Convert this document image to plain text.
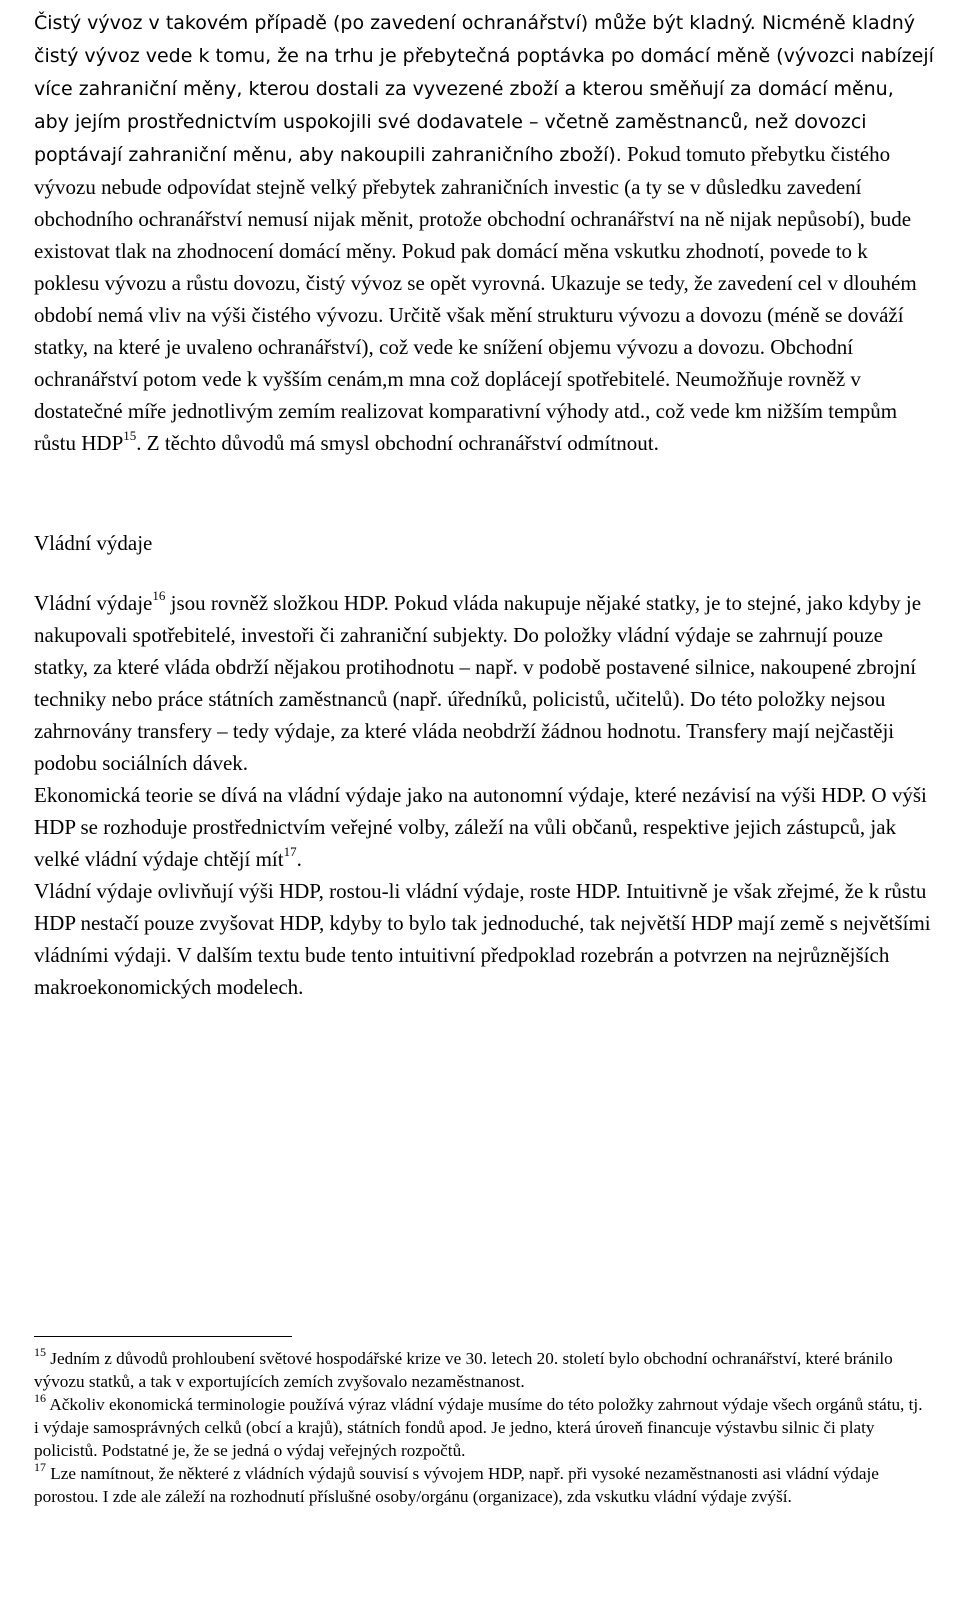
Čistý vývoz v takovém případě (po zavedení ochranářství) může být kladný. Nicméně kladný čistý vývoz vede k tomu, že na trhu je přebytečná poptávka po domácí měně (vývozci nabízejí více zahraniční měny, kterou dostali za vyvezené zboží a kterou směňují za domácí měnu, aby jejím prostřednictvím uspokojili své dodavatele – včetně zaměstnanců, než dovozci poptávají zahraniční měnu, aby nakoupili zahraničního zboží). Pokud tomuto přebytku čistého vývozu nebude odpovídat stejně velký přebytek zahraničních investic (a ty se v důsledku zavedení obchodního ochranářství nemusí nijak měnit, protože obchodní ochranářství na ně nijak nepůsobí), bude existovat tlak na zhodnocení domácí měny. Pokud pak domácí měna vskutku zhodnotí, povede to k poklesu vývozu a růstu dovozu, čistý vývoz se opět vyrovná. Ukazuje se tedy, že zavedení cel v dlouhém období nemá vliv na výši čistého vývozu. Určitě však mění strukturu vývozu a dovozu (méně se dováží statky, na které je uvaleno ochranářství), což vede ke snížení objemu vývozu a dovozu. Obchodní ochranářství potom vede k vyšším cenám,m mna což doplácejí spotřebitelé. Neumožňuje rovněž v dostatečné míře jednotlivým zemím realizovat komparativní výhody atd., což vede km nižším tempům růstu HDP$^{15}$. Z těchto důvodů má smysl obchodní ochranářství odmítnout.

Vládní výdaje

Vládní výdaje$^{16}$ jsou rovněž složkou HDP. Pokud vláda nakupuje nějaké statky, je to stejné, jako kdyby je nakupovali spotřebitelé, investoři či zahraniční subjekty. Do položky vládní výdaje se zahrnují pouze statky, za které vláda obdrží nějakou protihodnotu – např. v podobě postavené silnice, nakoupené zbrojní techniky nebo práce státních zaměstnanců (např. úředníků, policistů, učitelů). Do této položky nejsou zahrnovány transfery – tedy výdaje, za které vláda neobdrží žádnou hodnotu. Transfery mají nejčastěji podobu sociálních dávek.

Ekonomická teorie se dívá na vládní výdaje jako na autonomní výdaje, které nezávisí na výši HDP. O výši HDP se rozhoduje prostřednictvím veřejné volby, záleží na vůli občanů, respektive jejich zástupců, jak velké vládní výdaje chtějí mít$^{17}$.

Vládní výdaje ovlivňují výši HDP, rostou-li vládní výdaje, roste HDP. Intuitivně je však zřejmé, že k růstu HDP nestačí pouze zvyšovat HDP, kdyby to bylo tak jednoduché, tak největší HDP mají země s největšími vládními výdaji. V dalším textu bude tento intuitivní předpoklad rozebrán a potvrzen na nejrůznějších makroekonomických modelech.

$^{15}$ Jedním z důvodů prohloubení světové hospodářské krize ve 30. letech 20. století bylo obchodní ochranářství, které bránilo vývozu statků, a tak v exportujících zemích zvyšovalo nezaměstnanost.

$^{16}$ Ačkoliv ekonomická terminologie používá výraz vládní výdaje musíme do této položky zahrnout výdaje všech orgánů státu, tj. i výdaje samosprávných celků (obcí a krajů), státních fondů apod. Je jedno, která úroveň financuje výstavbu silnic či platy policistů. Podstatné je, že se jedná o výdaj veřejných rozpočtů.

$^{17}$ Lze namítnout, že některé z vládních výdajů souvisí s vývojem HDP, např. při vysoké nezaměstnanosti asi vládní výdaje porostou. I zde ale záleží na rozhodnutí příslušné osoby/orgánu (organizace), zda vskutku vládní výdaje zvýší.
